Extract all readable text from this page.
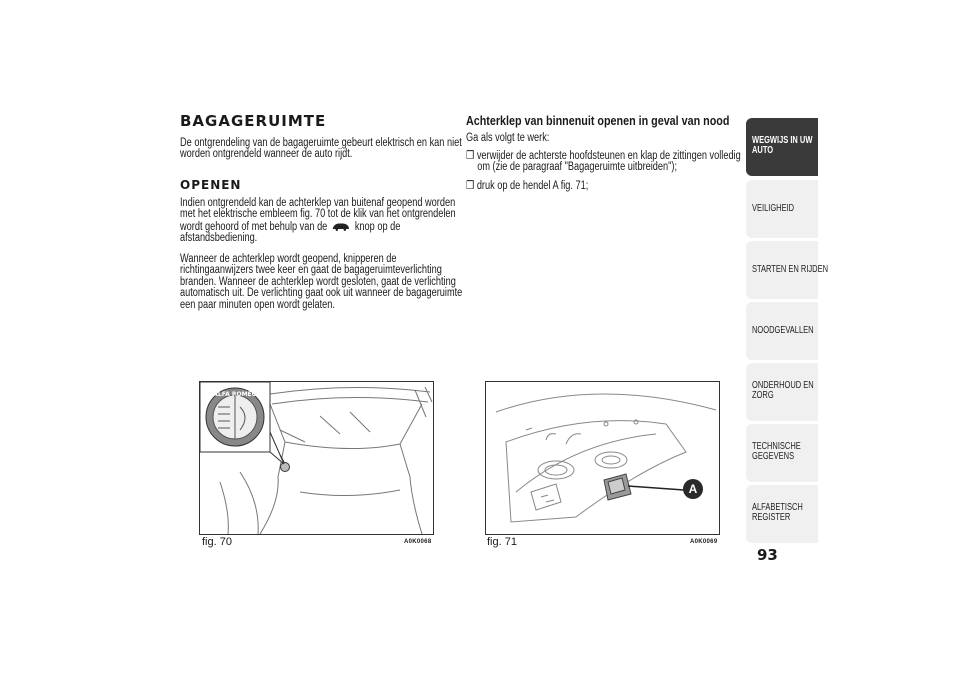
BAGAGERUIMTE
De ontgrendeling van de bagageruimte gebeurt elektrisch en kan niet
worden ontgrendeld wanneer de auto rijdt.
OPENEN
Indien ontgrendeld kan de achterklep van buitenaf geopend worden
met het elektrische embleem fig. 70 tot de klik van het ontgrendelen
wordt gehoord of met behulp van de knop op de
afstandsbediening.
Wanneer de achterklep wordt geopend, knipperen de
richtingaanwijzers twee keer en gaat de bagageruimteverlichting
branden. Wanneer de achterklep wordt gesloten, gaat de verlichting
automatisch uit. De verlichting gaat ook uit wanneer de bagageruimte
een paar minuten open wordt gelaten.
Achterklep van binnenuit openen in geval van nood
Ga als volgt te werk:
❒ verwijder de achterste hoofdsteunen en klap de zittingen volledig
om (zie de paragraaf "Bagageruimte uitbreiden");
❒ druk op de hendel A fig. 71;
ALFA ROMEO
fig. 70	A0K0068
A
fig. 71	A0K0069
WEGWIJS IN UW
AUTO
VEILIGHEID
STARTEN EN RIJDEN
NOODGEVALLEN
ONDERHOUD EN
ZORG
TECHNISCHE
GEGEVENS
ALFABETISCH
REGISTER
93
